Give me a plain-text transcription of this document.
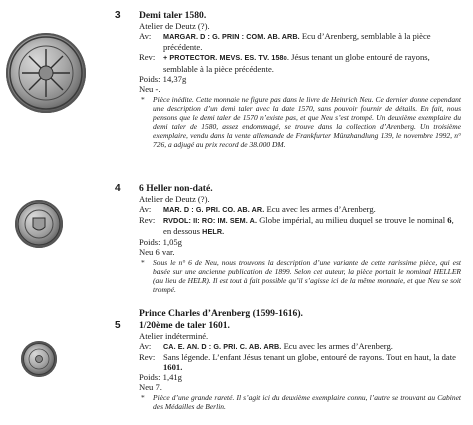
3 Demi taler 1580.
Atelier de Deutz (?).
Av:	MARGAR. D : G. PRIN : COM. AB. ARB. Ecu d’Arenberg, semblable à la pièce précédente.
Rev:	+ PROTECTOR. MEVS. ES. TV. 1580. Jésus tenant un globe entouré de rayons, semblable à la pièce précédente.
Poids: 14,37g
Neu -.
*	Pièce inédite. Cette monnaie ne figure pas dans le livre de Heinrich Neu. Ce dernier donne cependant une description d’un demi taler avec la date 1570, sans pouvoir fournir de détails. En fait, nous pensons que le demi taler de 1570 n’existe pas, et que Neu s’est trompé. Un deuxième exemplaire du demi taler de 1580, assez endommagé, se trouve dans la collection d’Arenberg. Un troisième exemplaire, vendu dans la vente allemande de Frankfurter Münzhandlung 139, le novembre 1992, n° 726, a adjugé au prix record de 38.000 DM.
4 6 Heller non-daté.
Atelier de Deutz (?).
Av:	MAR. D : G. PRI. CO. AB. AR. Ecu avec les armes d’Arenberg.
Rev:	RVDOL: II: RO: IM. SEM. A. Globe impérial, au milieu duquel se trouve le nominal 6, en dessous HELR.
Poids: 1,05g
Neu 6 var.
*	Sous le n° 6 de Neu, nous trouvons la description d’une variante de cette rarissime pièce, qui est basée sur une ancienne publication de 1899. Selon cet auteur, la pièce portait le nominal HELLER (au lieu de HELR). Il est tout à fait possible qu’il s’agisse ici de la même monnaie, et que Neu se soit trompé.
Prince Charles d’Arenberg (1599-1616).
5 1/20ème de taler 1601.
Atelier indéterminé.
Av:	CA. E. AN. D : G. PRI. C. AB. ARB. Ecu avec les armes d’Arenberg.
Rev: Sans légende. L’enfant Jésus tenant un globe, entouré de rayons. Tout en haut, la date 1601.
Poids: 1,41g
Neu 7.
*	Pièce d’une grande rareté. Il s’agit ici du deuxième exemplaire connu, l’autre se trouvant au Cabinet des Médailles de Berlin.
